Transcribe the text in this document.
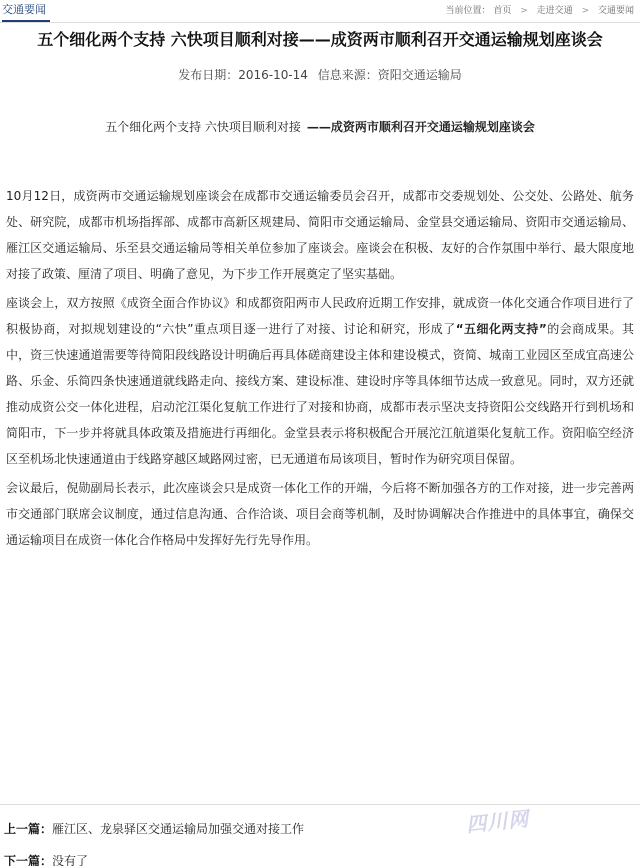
交通要闻	当前位置： 首页 > 走进交通 > 交通要闻
五个细化两个支持 六快项目顺利对接——成资两市顺利召开交通运输规划座谈会
发布日期：2016-10-14 信息来源：资阳交通运输局
五个细化两个支持 六快项目顺利对接 ——成资两市顺利召开交通运输规划座谈会

10月12日，成资两市交通运输规划座谈会在成都市交通运输委员会召开，成都市交委规划处、公交处、公路处、航务处、研究院，成都市机场指挥部、成都市高新区规建局、简阳市交通运输局、金堂县交通运输局、资阳市交通运输局、雁江区交通运输局、乐至县交通运输局等相关单位参加了座谈会。座谈会在积极、友好的合作氛围中举行、最大限度地对接了政策、厘清了项目、明确了意见，为下步工作开展奠定了坚实基础。

座谈会上，双方按照《成资全面合作协议》和成都资阳两市人民政府近期工作安排，就成资一体化交通合作项目进行了积极协商，对拟规划建设的“六快”重点项目逐一进行了对接、讨论和研究，形成了“五细化两支持”的会商成果。其中，资三快速通道需要等待简阳段线路设计明确后再具体磋商建设主体和建设模式，资简、城南工业园区至成宜高速公路、乐金、乐简四条快速通道就线路走向、接线方案、建设标准、建设时序等具体细节达成一致意见。同时，双方还就推动成资公交一体化进程，启动沱江渠化复航工作进行了对接和协商，成都市表示坚决支持资阳公交线路开行到机场和简阳市，下一步并将就具体政策及措施进行再细化。金堂县表示将积极配合开展沱江航道渠化复航工作。资阳临空经济区至机场北快速通道由于线路穿越区域路网过密，已无通道布局该项目，暂时作为研究项目保留。

会议最后，倪勋副局长表示，此次座谈会只是成资一体化工作的开端，今后将不断加强各方的工作对接，进一步完善两市交通部门联席会议制度，通过信息沟通、合作洽谈、项目会商等机制，及时协调解决合作推进中的具体事宜，确保交通运输项目在成资一体化合作格局中发挥好先行先导作用。

四川网
上一篇：雁江区、龙泉驿区交通运输局加强交通对接工作
下一篇：没有了
